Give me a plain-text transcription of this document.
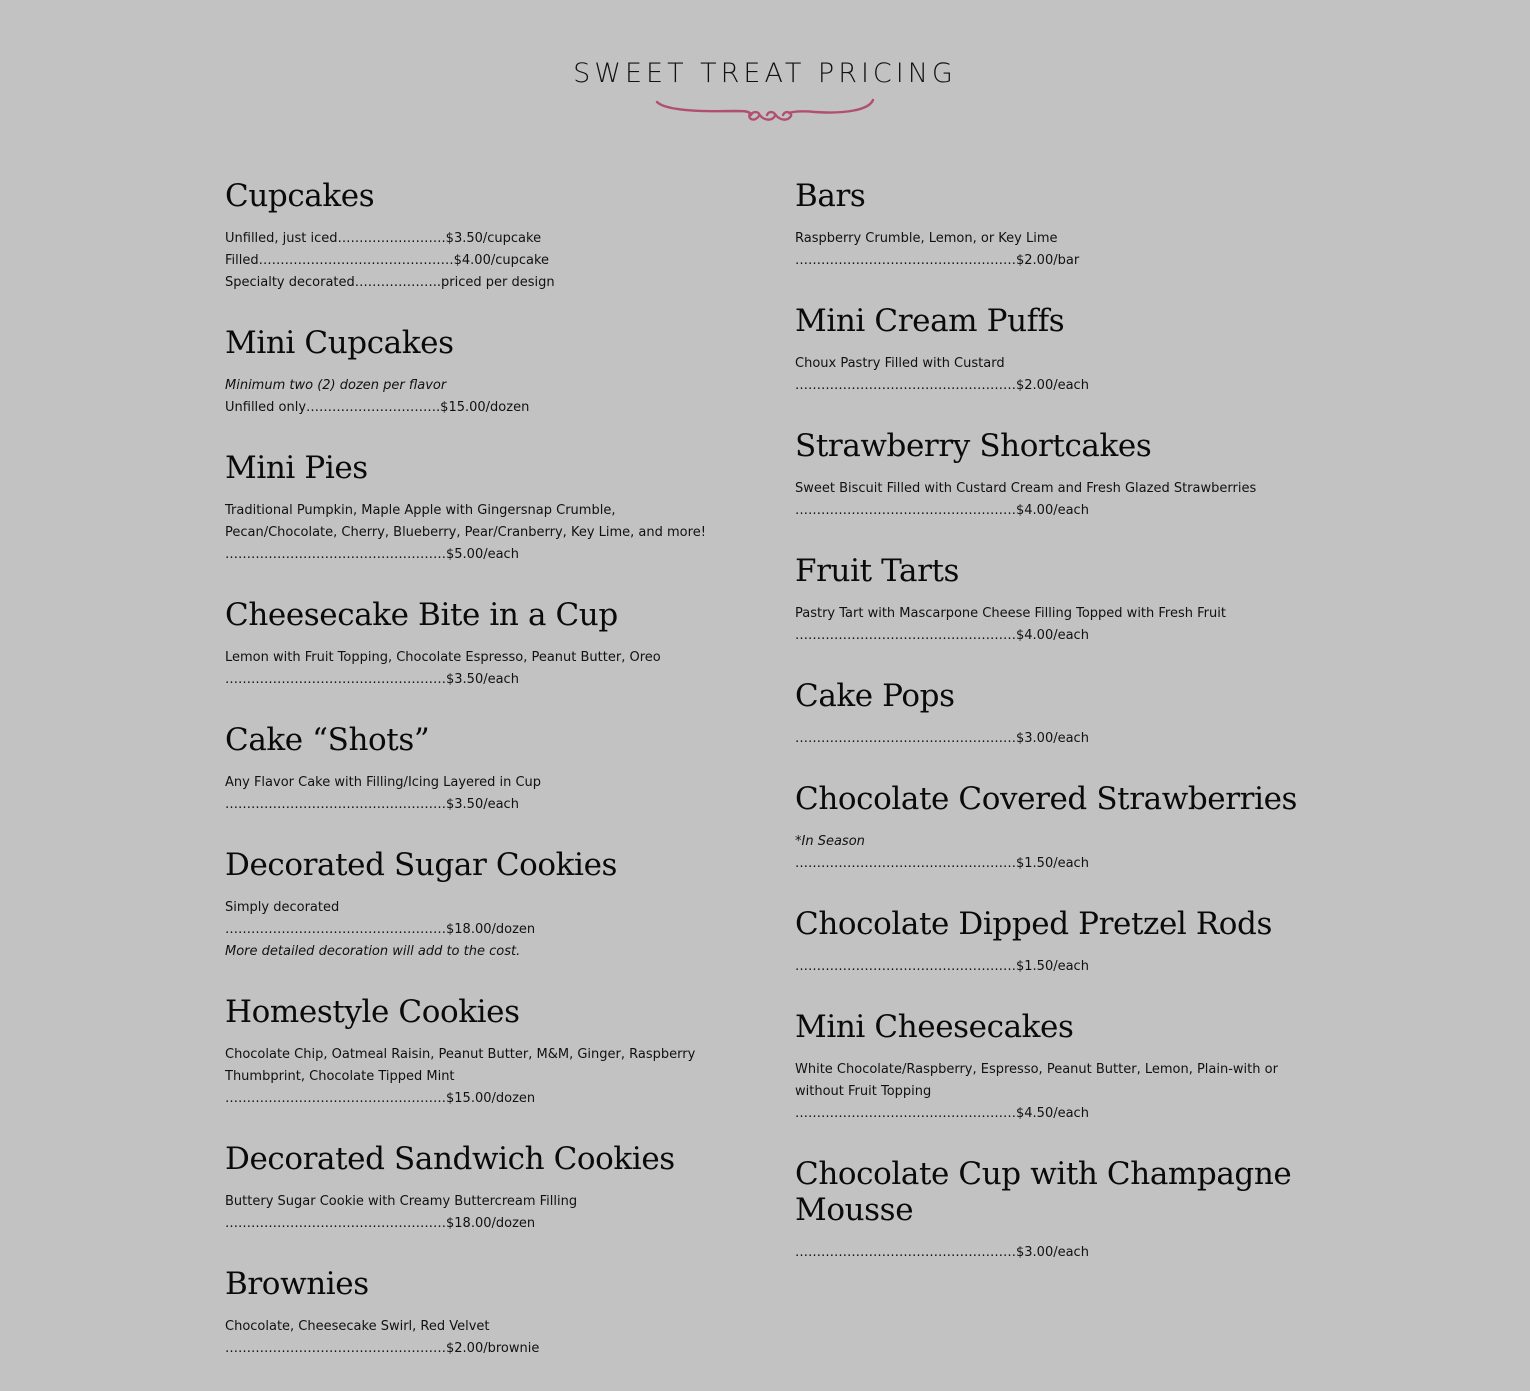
SWEET TREAT PRICING
Cupcakes

Unfilled, just iced…………………….$3.50/cupcake

Filled………………………………………$4.00/cupcake

Specialty decorated………………..priced per design

Mini Cupcakes

Minimum two (2) dozen per flavor

Unfilled only………………………….$15.00/dozen

Mini Pies

Traditional Pumpkin, Maple Apple with Gingersnap Crumble, Pecan/Chocolate, Cherry, Blueberry, Pear/Cranberry, Key Lime, and more!

……………………………………………$5.00/each

Cheesecake Bite in a Cup

Lemon with Fruit Topping, Chocolate Espresso, Peanut Butter, Oreo

……………………………………………$3.50/each

Cake “Shots”

Any Flavor Cake with Filling/Icing Layered in Cup

……………………………………………$3.50/each

Decorated Sugar Cookies

Simply decorated

……………………………………………$18.00/dozen

More detailed decoration will add to the cost.

Homestyle Cookies

Chocolate Chip, Oatmeal Raisin, Peanut Butter, M&M, Ginger, Raspberry Thumbprint, Chocolate Tipped Mint

……………………………………………$15.00/dozen

Decorated Sandwich Cookies

Buttery Sugar Cookie with Creamy Buttercream Filling

……………………………………………$18.00/dozen

Brownies

Chocolate, Cheesecake Swirl, Red Velvet

……………………………………………$2.00/brownie

Bars

Raspberry Crumble, Lemon, or Key Lime

……………………………………………$2.00/bar

Mini Cream Puffs

Choux Pastry Filled with Custard

……………………………………………$2.00/each

Strawberry Shortcakes

Sweet Biscuit Filled with Custard Cream and Fresh Glazed Strawberries

……………………………………………$4.00/each

Fruit Tarts

Pastry Tart with Mascarpone Cheese Filling Topped with Fresh Fruit

……………………………………………$4.00/each

Cake Pops

……………………………………………$3.00/each

Chocolate Covered Strawberries

*In Season

……………………………………………$1.50/each

Chocolate Dipped Pretzel Rods

……………………………………………$1.50/each

Mini Cheesecakes

White Chocolate/Raspberry, Espresso, Peanut Butter, Lemon, Plain-with or without Fruit Topping

……………………………………………$4.50/each

Chocolate Cup with Champagne Mousse

……………………………………………$3.00/each
